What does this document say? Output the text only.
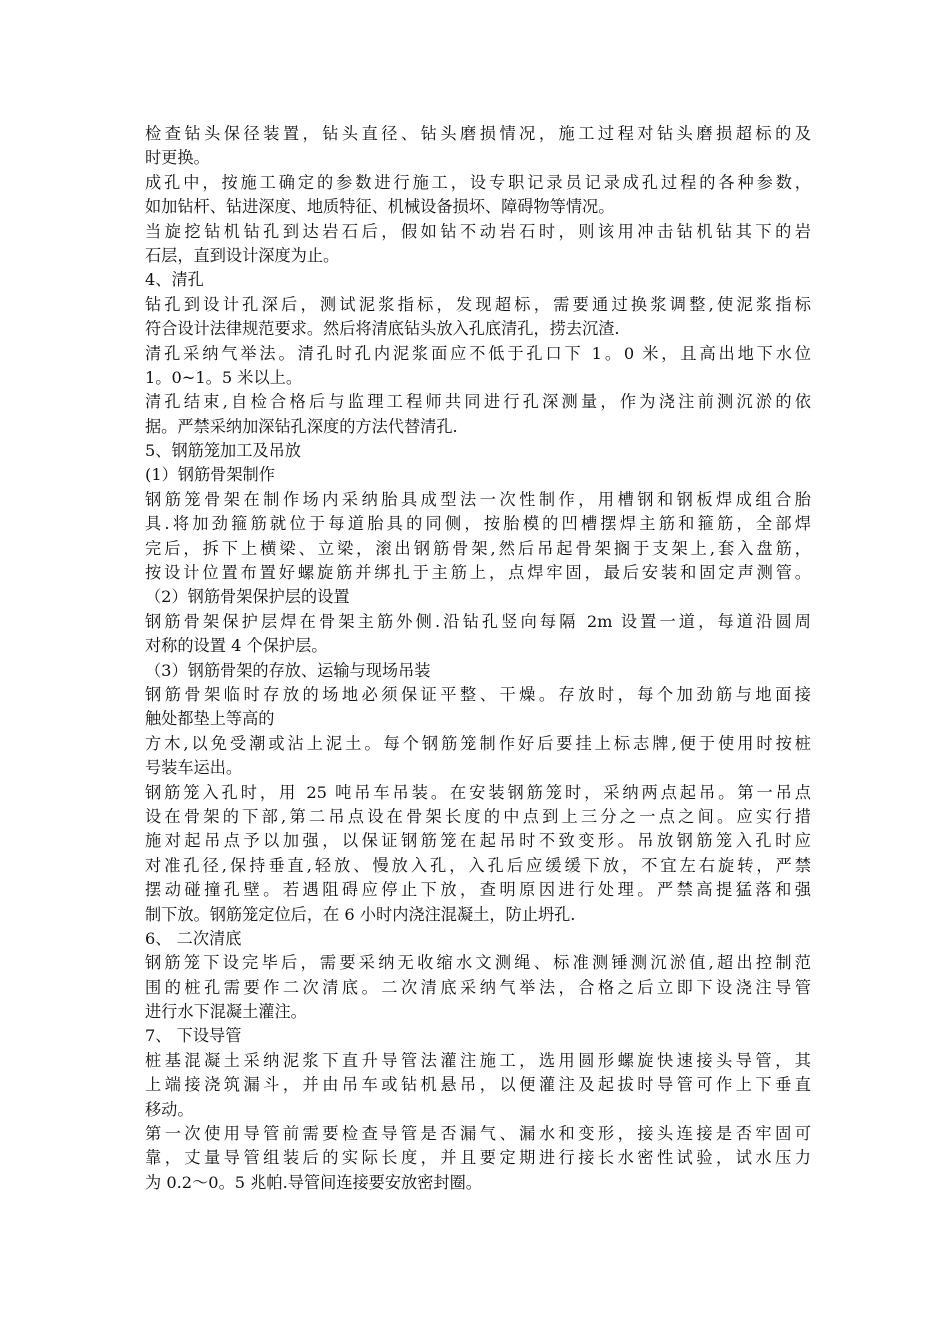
检查钻头保径装置，钻头直径、钻头磨损情况，施工过程对钻头磨损超标的及
时更换。
成孔中，按施工确定的参数进行施工，设专职记录员记录成孔过程的各种参数，
如加钻杆、钻进深度、地质特征、机械设备损坏、障碍物等情况。
当旋挖钻机钻孔到达岩石后，假如钻不动岩石时，则该用冲击钻机钻其下的岩
石层，直到设计深度为止。
4、清孔
钻孔到设计孔深后，测试泥浆指标，发现超标，需要通过换浆调整,使泥浆指标
符合设计法律规范要求。然后将清底钻头放入孔底清孔，捞去沉渣.
清孔采纳气举法。清孔时孔内泥浆面应不低于孔口下 1。0 米，且高出地下水位
1。0~1。5 米以上。
清孔结束,自检合格后与监理工程师共同进行孔深测量，作为浇注前测沉淤的依
据。严禁采纳加深钻孔深度的方法代替清孔.
5、钢筋笼加工及吊放
(1）钢筋骨架制作
钢筋笼骨架在制作场内采纳胎具成型法一次性制作，用槽钢和钢板焊成组合胎
具.将加劲箍筋就位于每道胎具的同侧，按胎模的凹槽摆焊主筋和箍筋，全部焊
完后，拆下上横梁、立梁，滚出钢筋骨架,然后吊起骨架搁于支架上,套入盘筋，
按设计位置布置好螺旋筋并绑扎于主筋上，点焊牢固，最后安装和固定声测管。
（2）钢筋骨架保护层的设置
钢筋骨架保护层焊在骨架主筋外侧.沿钻孔竖向每隔 2m 设置一道，每道沿圆周
对称的设置 4 个保护层。
（3）钢筋骨架的存放、运输与现场吊装
钢筋骨架临时存放的场地必须保证平整、干燥。存放时，每个加劲筋与地面接
触处都垫上等高的
方木,以免受潮或沾上泥土。每个钢筋笼制作好后要挂上标志牌,便于使用时按桩
号装车运出。
钢筋笼入孔时，用 25 吨吊车吊装。在安装钢筋笼时，采纳两点起吊。第一吊点
设在骨架的下部,第二吊点设在骨架长度的中点到上三分之一点之间。应实行措
施对起吊点予以加强，以保证钢筋笼在起吊时不致变形。吊放钢筋笼入孔时应
对准孔径,保持垂直,轻放、慢放入孔，入孔后应缓缓下放，不宜左右旋转，严禁
摆动碰撞孔壁。若遇阻碍应停止下放，查明原因进行处理。严禁高提猛落和强
制下放。钢筋笼定位后，在 6 小时内浇注混凝土，防止坍孔.
6、 二次清底
钢筋笼下设完毕后，需要采纳无收缩水文测绳、标准测锤测沉淤值,超出控制范
围的桩孔需要作二次清底。二次清底采纳气举法，合格之后立即下设浇注导管
进行水下混凝土灌注。
7、 下设导管
桩基混凝土采纳泥浆下直升导管法灌注施工，选用圆形螺旋快速接头导管，其
上端接浇筑漏斗，并由吊车或钻机悬吊，以便灌注及起拔时导管可作上下垂直
移动。
第一次使用导管前需要检查导管是否漏气、漏水和变形，接头连接是否牢固可
靠，丈量导管组装后的实际长度，并且要定期进行接长水密性试验，试水压力
为 0.2～0。5 兆帕.导管间连接要安放密封圈。
